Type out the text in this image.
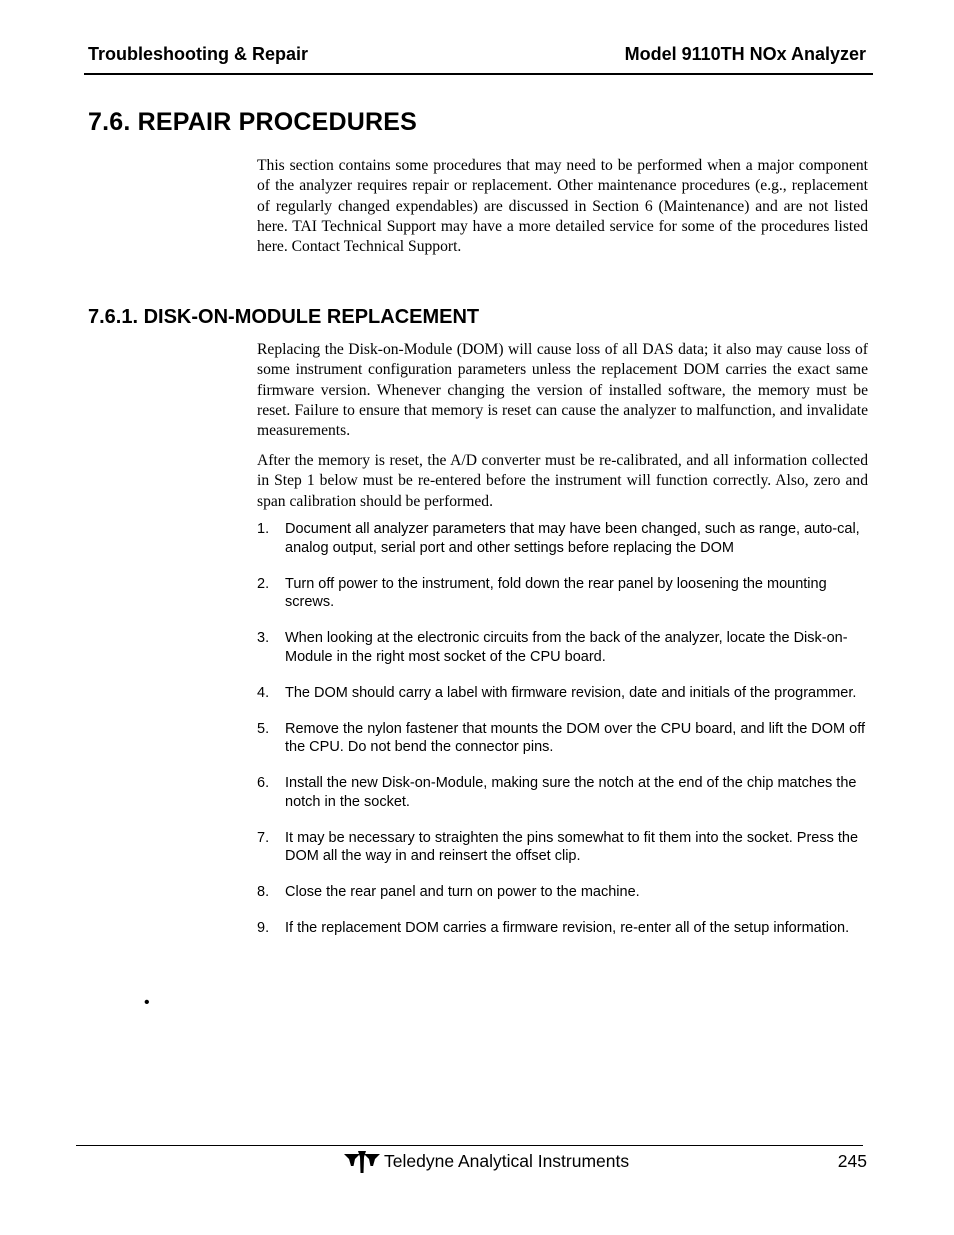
Troubleshooting & Repair	Model 9110TH NOx Analyzer
7.6. REPAIR PROCEDURES

This section contains some procedures that may need to be performed when a major component of the analyzer requires repair or replacement. Other maintenance procedures (e.g., replacement of regularly changed expendables) are discussed in Section 6 (Maintenance) and are not listed here. TAI Technical Support may have a more detailed service for some of the procedures listed here. Contact Technical Support.

7.6.1. DISK-ON-MODULE REPLACEMENT

Replacing the Disk-on-Module (DOM) will cause loss of all DAS data; it also may cause loss of some instrument configuration parameters unless the replacement DOM carries the exact same firmware version. Whenever changing the version of installed software, the memory must be reset. Failure to ensure that memory is reset can cause the analyzer to malfunction, and invalidate measurements.

After the memory is reset, the A/D converter must be re-calibrated, and all information collected in Step 1 below must be re-entered before the instrument will function correctly. Also, zero and span calibration should be performed.

1. Document all analyzer parameters that may have been changed, such as range, auto-cal, analog output, serial port and other settings before replacing the DOM
2. Turn off power to the instrument, fold down the rear panel by loosening the mounting screws.
3. When looking at the electronic circuits from the back of the analyzer, locate the Disk-on-Module in the right most socket of the CPU board.
4. The DOM should carry a label with firmware revision, date and initials of the programmer.
5. Remove the nylon fastener that mounts the DOM over the CPU board, and lift the DOM off the CPU. Do not bend the connector pins.
6. Install the new Disk-on-Module, making sure the notch at the end of the chip matches the notch in the socket.
7. It may be necessary to straighten the pins somewhat to fit them into the socket. Press the DOM all the way in and reinsert the offset clip.
8. Close the rear panel and turn on power to the machine.
9. If the replacement DOM carries a firmware revision, re-enter all of the setup information.
•
Teledyne Analytical Instruments	245
